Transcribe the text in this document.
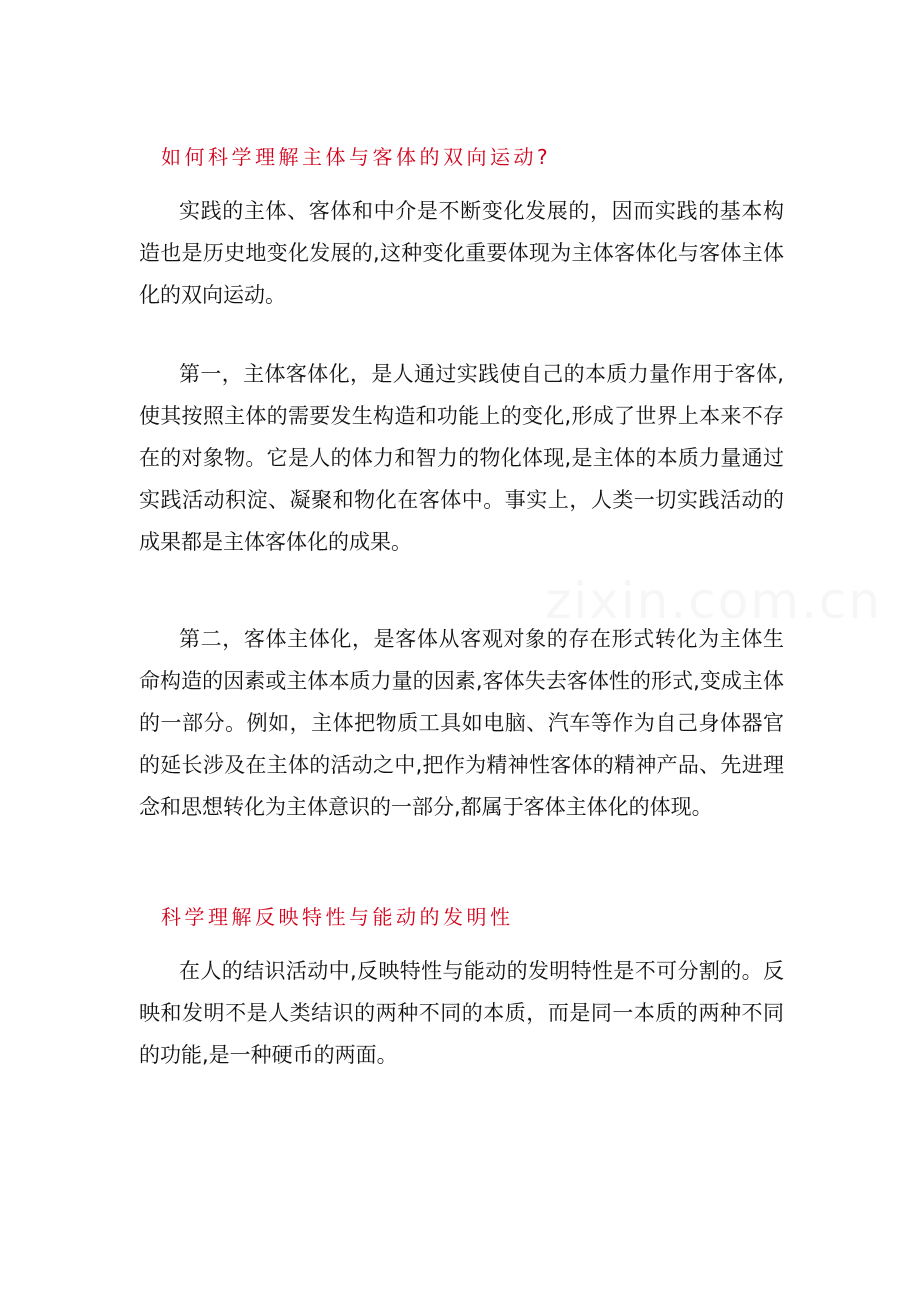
如何科学理解主体与客体的双向运动?

实践的主体、客体和中介是不断变化发展的，因而实践的基本构造也是历史地变化发展的,这种变化重要体现为主体客体化与客体主体化的双向运动。

第一，主体客体化，是人通过实践使自己的本质力量作用于客体,使其按照主体的需要发生构造和功能上的变化,形成了世界上本来不存在的对象物。它是人的体力和智力的物化体现,是主体的本质力量通过实践活动积淀、凝聚和物化在客体中。事实上，人类一切实践活动的成果都是主体客体化的成果。

第二，客体主体化，是客体从客观对象的存在形式转化为主体生命构造的因素或主体本质力量的因素,客体失去客体性的形式,变成主体的一部分。例如，主体把物质工具如电脑、汽车等作为自己身体器官的延长涉及在主体的活动之中,把作为精神性客体的精神产品、先进理念和思想转化为主体意识的一部分,都属于客体主体化的体现。

科学理解反映特性与能动的发明性

在人的结识活动中,反映特性与能动的发明特性是不可分割的。反映和发明不是人类结识的两种不同的本质，而是同一本质的两种不同的功能,是一种硬币的两面。
